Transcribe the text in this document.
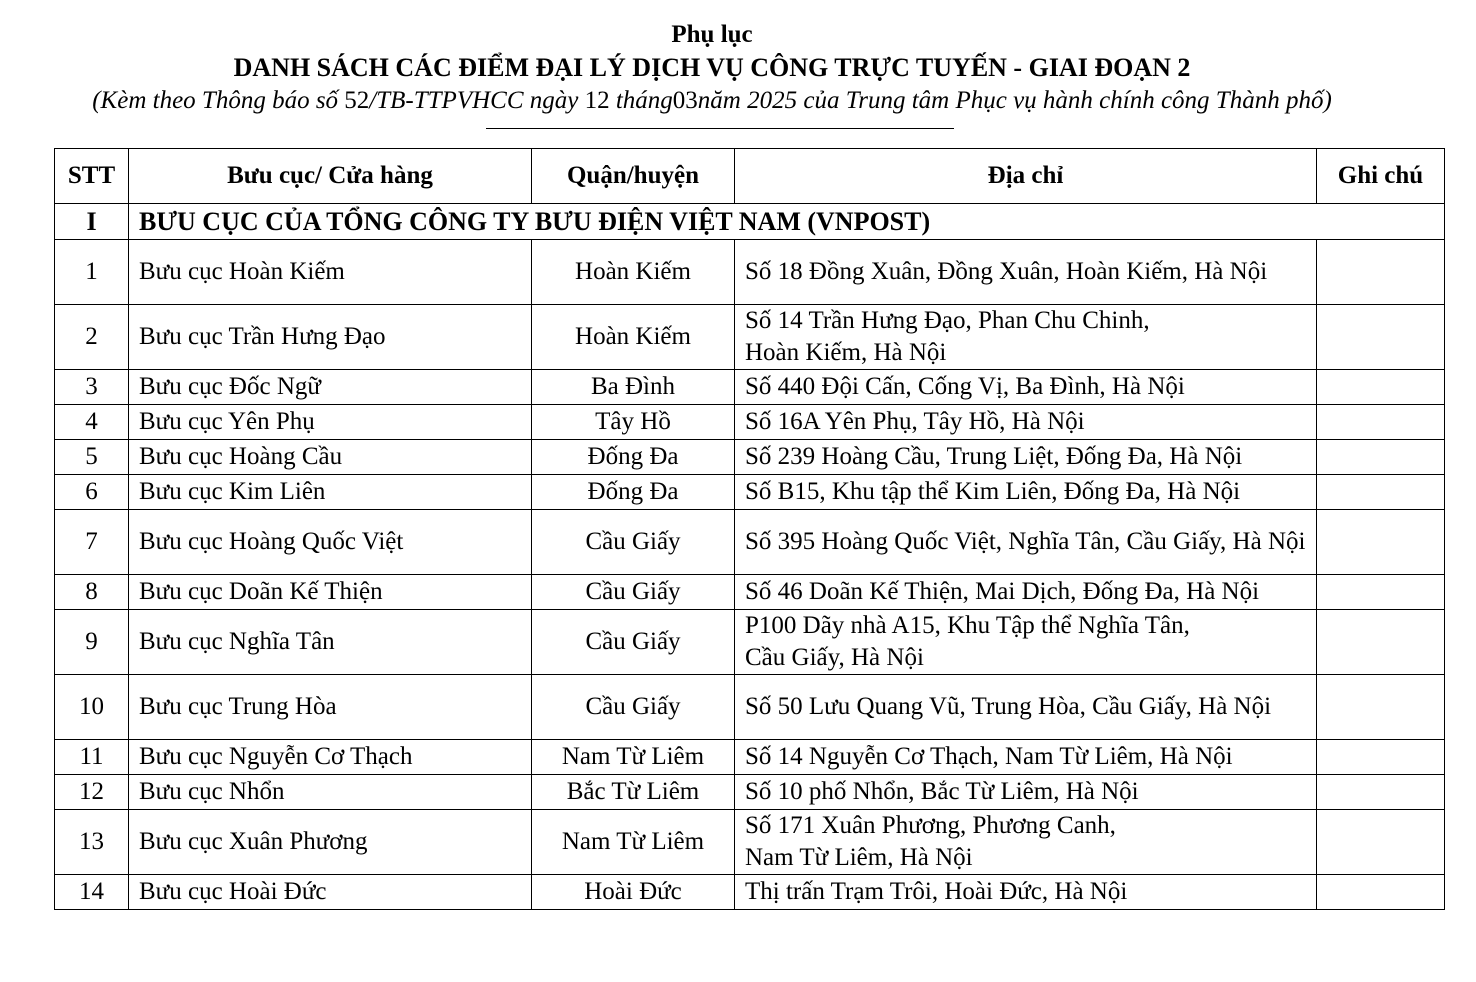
Phụ lục
DANH SÁCH CÁC ĐIỂM ĐẠI LÝ DỊCH VỤ CÔNG TRỰC TUYẾN - GIAI ĐOẠN 2
(Kèm theo Thông báo số 52/TB-TTPVHCC ngày 12 tháng03năm 2025 của Trung tâm Phục vụ hành chính công Thành phố)
STT	Bưu cục/ Cửa hàng	Quận/huyện	Địa chỉ	Ghi chú
I	BƯU CỤC CỦA TỔNG CÔNG TY BƯU ĐIỆN VIỆT NAM (VNPOST)			
1	Bưu cục Hoàn Kiếm	Hoàn Kiếm	Số 18 Đồng Xuân, Đồng Xuân, Hoàn Kiếm, Hà Nội	
2	Bưu cục Trần Hưng Đạo	Hoàn Kiếm	Số 14 Trần Hưng Đạo, Phan Chu Chinh,
Hoàn Kiếm, Hà Nội	
3	Bưu cục Đốc Ngữ	Ba Đình	Số 440 Đội Cấn, Cống Vị, Ba Đình, Hà Nội	
4	Bưu cục Yên Phụ	Tây Hồ	Số 16A Yên Phụ, Tây Hồ, Hà Nội	
5	Bưu cục Hoàng Cầu	Đống Đa	Số 239 Hoàng Cầu, Trung Liệt, Đống Đa, Hà Nội	
6	Bưu cục Kim Liên	Đống Đa	Số B15, Khu tập thể Kim Liên, Đống Đa, Hà Nội	
7	Bưu cục Hoàng Quốc Việt	Cầu Giấy	Số 395 Hoàng Quốc Việt, Nghĩa Tân, Cầu Giấy, Hà Nội	
8	Bưu cục Doãn Kế Thiện	Cầu Giấy	Số 46 Doãn Kế Thiện, Mai Dịch, Đống Đa, Hà Nội	
9	Bưu cục Nghĩa Tân	Cầu Giấy	P100 Dãy nhà A15, Khu Tập thể Nghĩa Tân,
Cầu Giấy, Hà Nội	
10	Bưu cục Trung Hòa	Cầu Giấy	Số 50 Lưu Quang Vũ, Trung Hòa, Cầu Giấy, Hà Nội	
11	Bưu cục Nguyễn Cơ Thạch	Nam Từ Liêm	Số 14 Nguyễn Cơ Thạch, Nam Từ Liêm, Hà Nội	
12	Bưu cục Nhổn	Bắc Từ Liêm	Số 10 phố Nhổn, Bắc Từ Liêm, Hà Nội	
13	Bưu cục Xuân Phương	Nam Từ Liêm	Số 171 Xuân Phương, Phương Canh,
Nam Từ Liêm, Hà Nội	
14	Bưu cục Hoài Đức	Hoài Đức	Thị trấn Trạm Trôi, Hoài Đức, Hà Nội	
